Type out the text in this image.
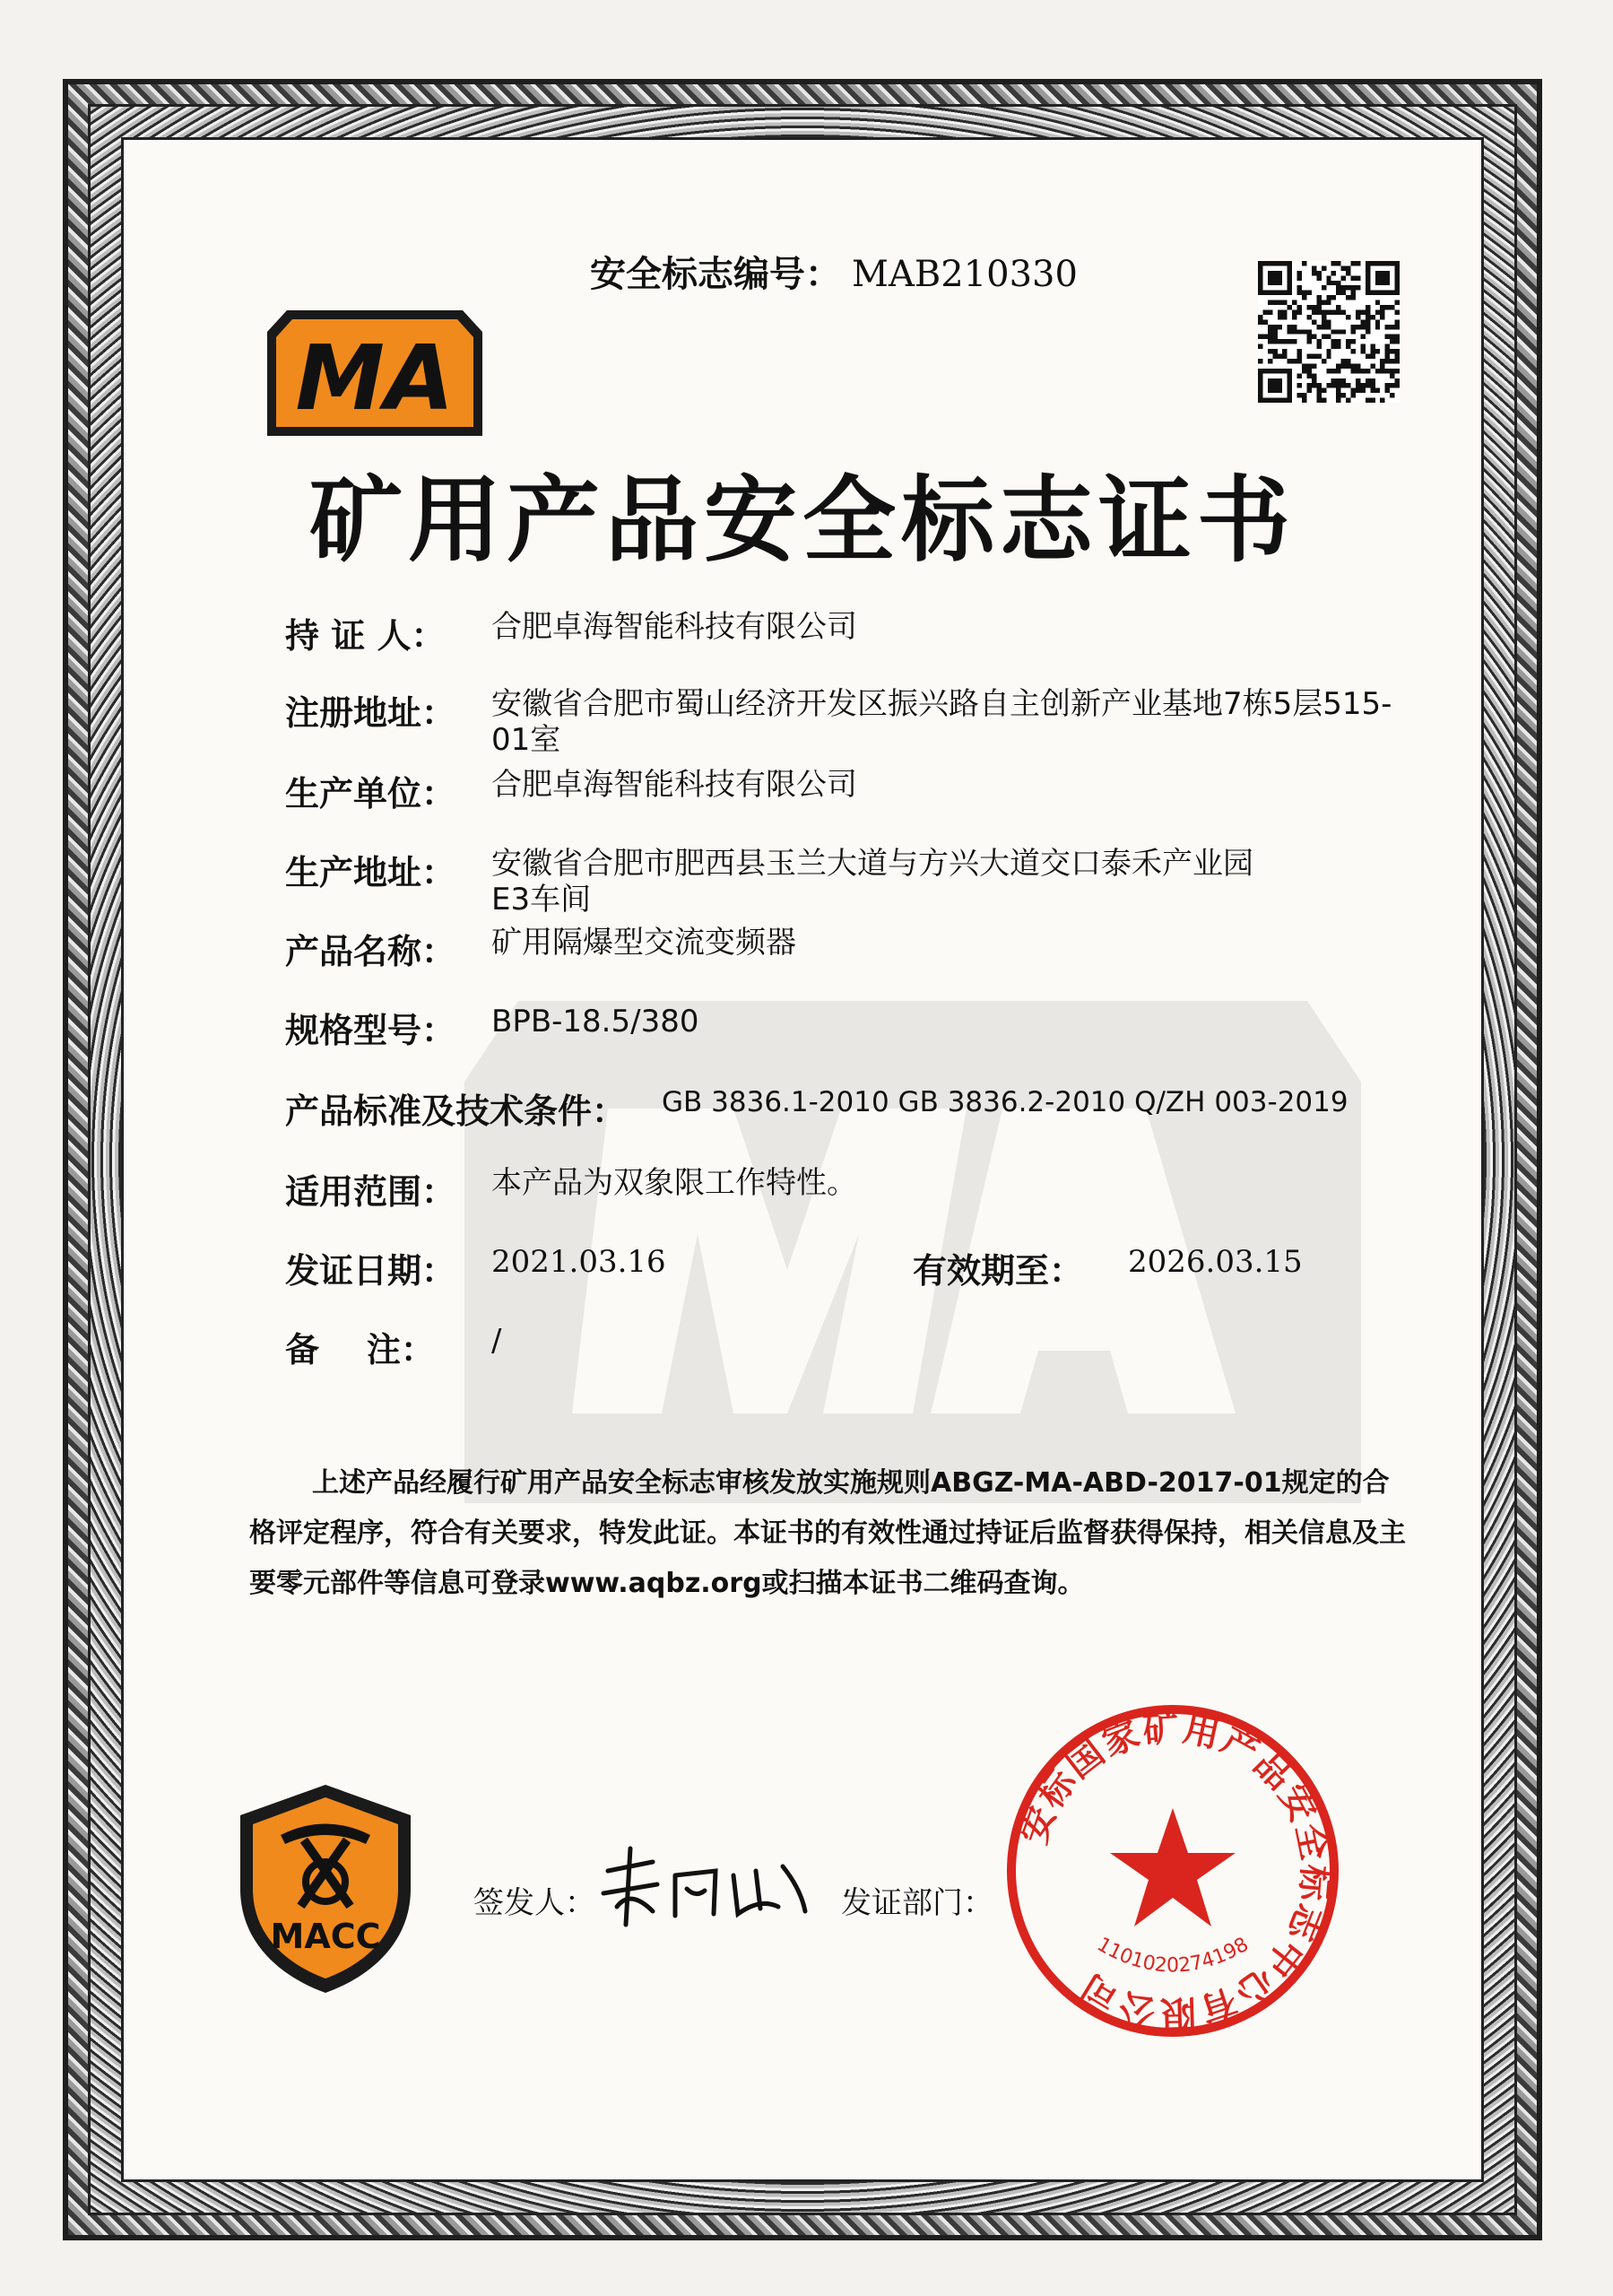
MA
安全标志编号： MAB210330
矿用产品安全标志证书
持 证 人： 合肥卓海智能科技有限公司
注册地址： 安徽省合肥市蜀山经济开发区振兴路自主创新产业基地7栋5层515-
01室
生产单位： 合肥卓海智能科技有限公司
生产地址： 安徽省合肥市肥西县玉兰大道与方兴大道交口泰禾产业园
E3车间
产品名称： 矿用隔爆型交流变频器
规格型号： BPB-18.5/380
产品标准及技术条件： GB 3836.1-2010 GB 3836.2-2010 Q/ZH 003-2019
适用范围： 本产品为双象限工作特性。
发证日期： 2021.03.16	有效期至： 2026.03.15
备    注： /
上述产品经履行矿用产品安全标志审核发放实施规则ABGZ-MA-ABD-2017-01规定的合格评定程序，符合有关要求，特发此证。本证书的有效性通过持证后监督获得保持，相关信息及主要零元部件等信息可登录www.aqbz.org或扫描本证书二维码查询。
MACC
签发人：	发证部门：
安标国家矿用产品安全标志中心有限公司
1101020274198
